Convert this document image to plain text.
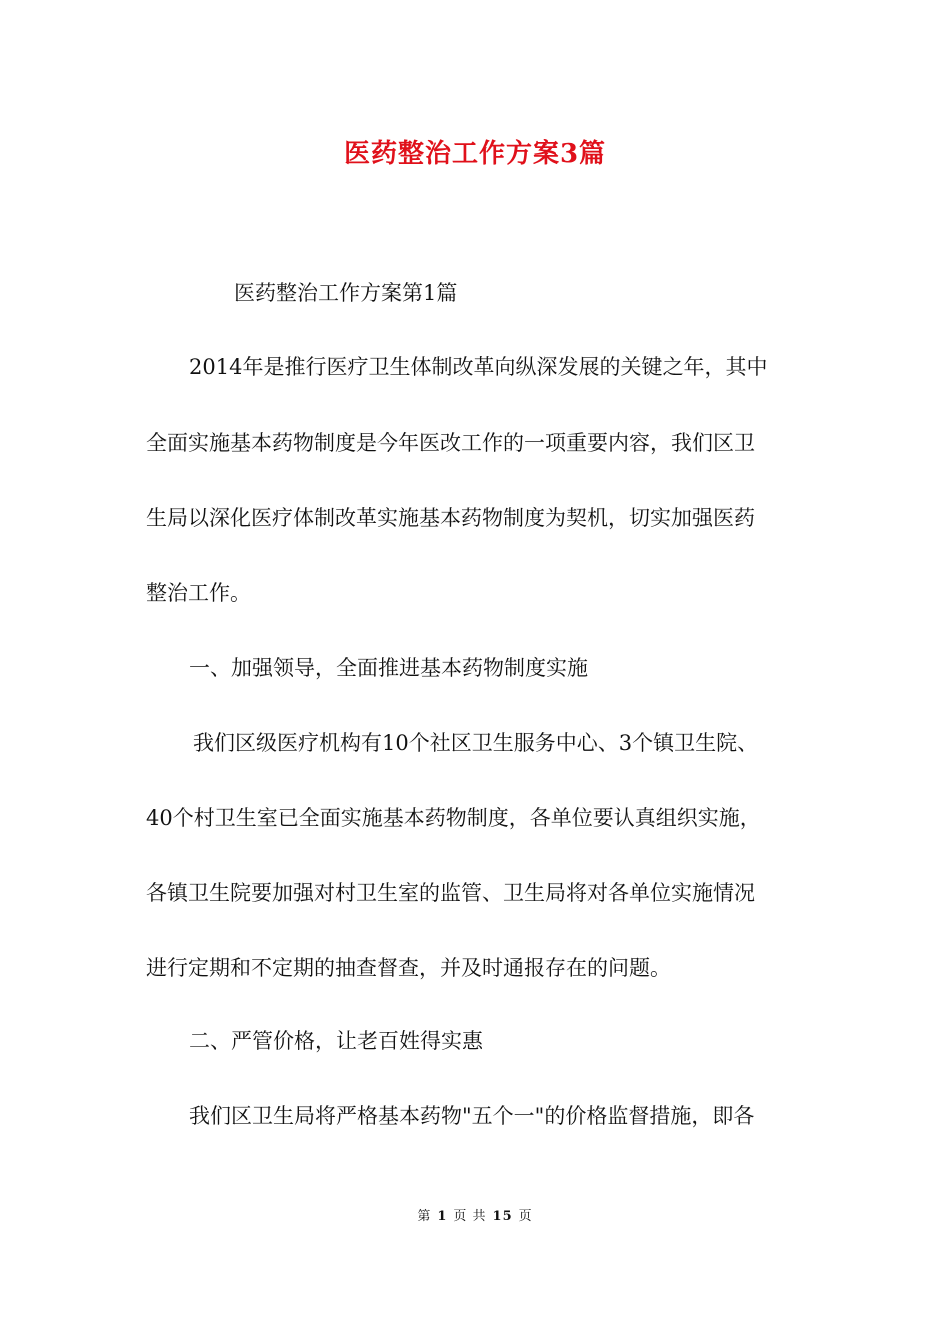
医药整治工作方案3篇
医药整治工作方案第1篇
2014年是推行医疗卫生体制改革向纵深发展的关键之年，其中
全面实施基本药物制度是今年医改工作的一项重要内容，我们区卫
生局以深化医疗体制改革实施基本药物制度为契机，切实加强医药
整治工作。
一、加强领导，全面推进基本药物制度实施
我们区级医疗机构有10个社区卫生服务中心、3个镇卫生院、
40个村卫生室已全面实施基本药物制度，各单位要认真组织实施，
各镇卫生院要加强对村卫生室的监管、卫生局将对各单位实施情况
进行定期和不定期的抽查督查，并及时通报存在的问题。
二、严管价格，让老百姓得实惠
我们区卫生局将严格基本药物"五个一"的价格监督措施，即各
第 1 页 共 15 页
